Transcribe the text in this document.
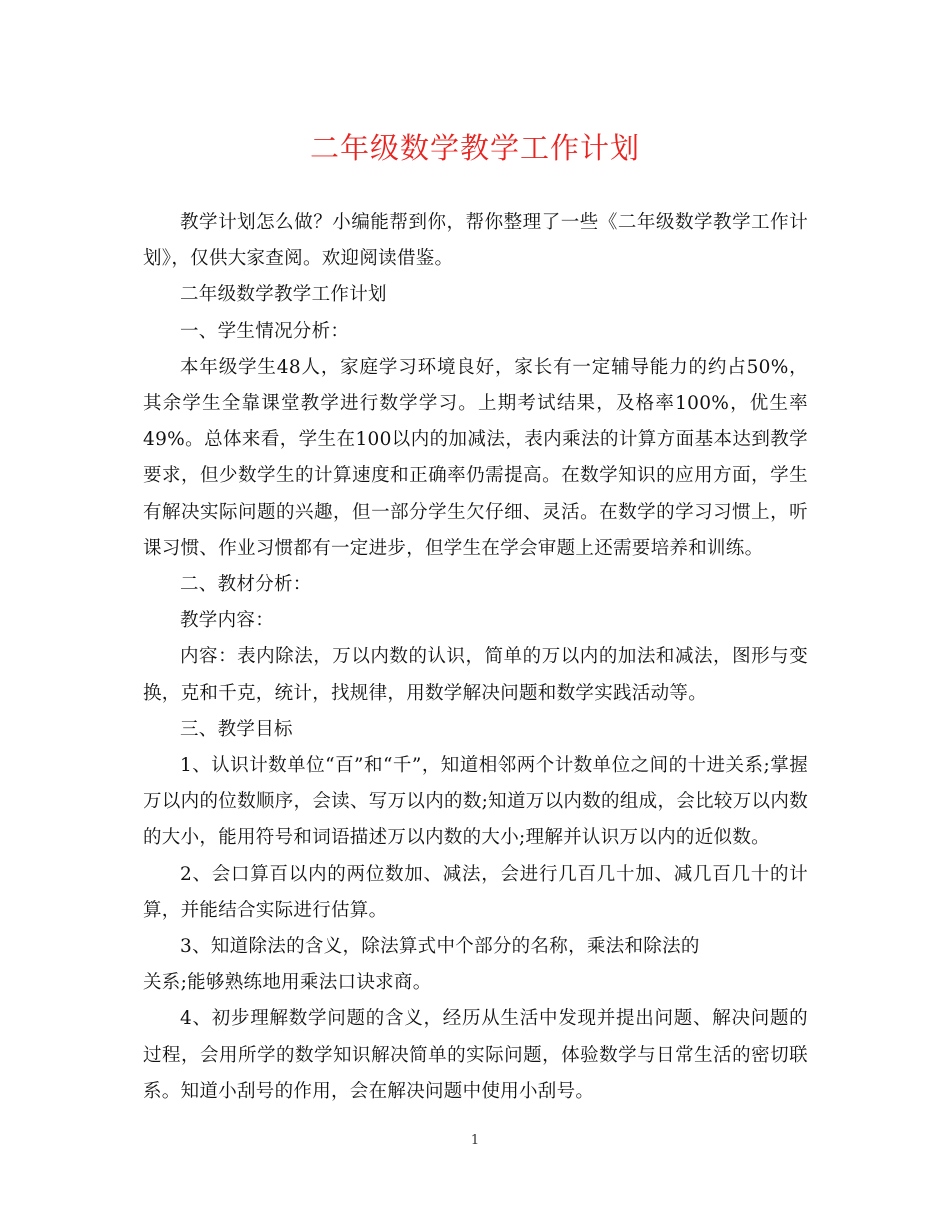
二年级数学教学工作计划

教学计划怎么做？小编能帮到你，帮你整理了一些《二年级数学教学工作计划》，仅供大家查阅。欢迎阅读借鉴。

二年级数学教学工作计划

一、学生情况分析：

本年级学生48人，家庭学习环境良好，家长有一定辅导能力的约占50%，其余学生全靠课堂教学进行数学学习。上期考试结果，及格率100%，优生率49%。总体来看，学生在100以内的加减法，表内乘法的计算方面基本达到教学要求，但少数学生的计算速度和正确率仍需提高。在数学知识的应用方面，学生有解决实际问题的兴趣，但一部分学生欠仔细、灵活。在数学的学习习惯上，听课习惯、作业习惯都有一定进步，但学生在学会审题上还需要培养和训练。

二、教材分析：

教学内容：

内容：表内除法，万以内数的认识，简单的万以内的加法和减法，图形与变换，克和千克，统计，找规律，用数学解决问题和数学实践活动等。

三、教学目标

1、认识计数单位“百”和“千”，知道相邻两个计数单位之间的十进关系;掌握万以内的位数顺序，会读、写万以内的数;知道万以内数的组成，会比较万以内数的大小，能用符号和词语描述万以内数的大小;理解并认识万以内的近似数。

2、会口算百以内的两位数加、减法，会进行几百几十加、减几百几十的计算，并能结合实际进行估算。

3、知道除法的含义，除法算式中个部分的名称，乘法和除法的

关系;能够熟练地用乘法口诀求商。

4、初步理解数学问题的含义，经历从生活中发现并提出问题、解决问题的过程，会用所学的数学知识解决简单的实际问题，体验数学与日常生活的密切联系。知道小刮号的作用，会在解决问题中使用小刮号。

1
